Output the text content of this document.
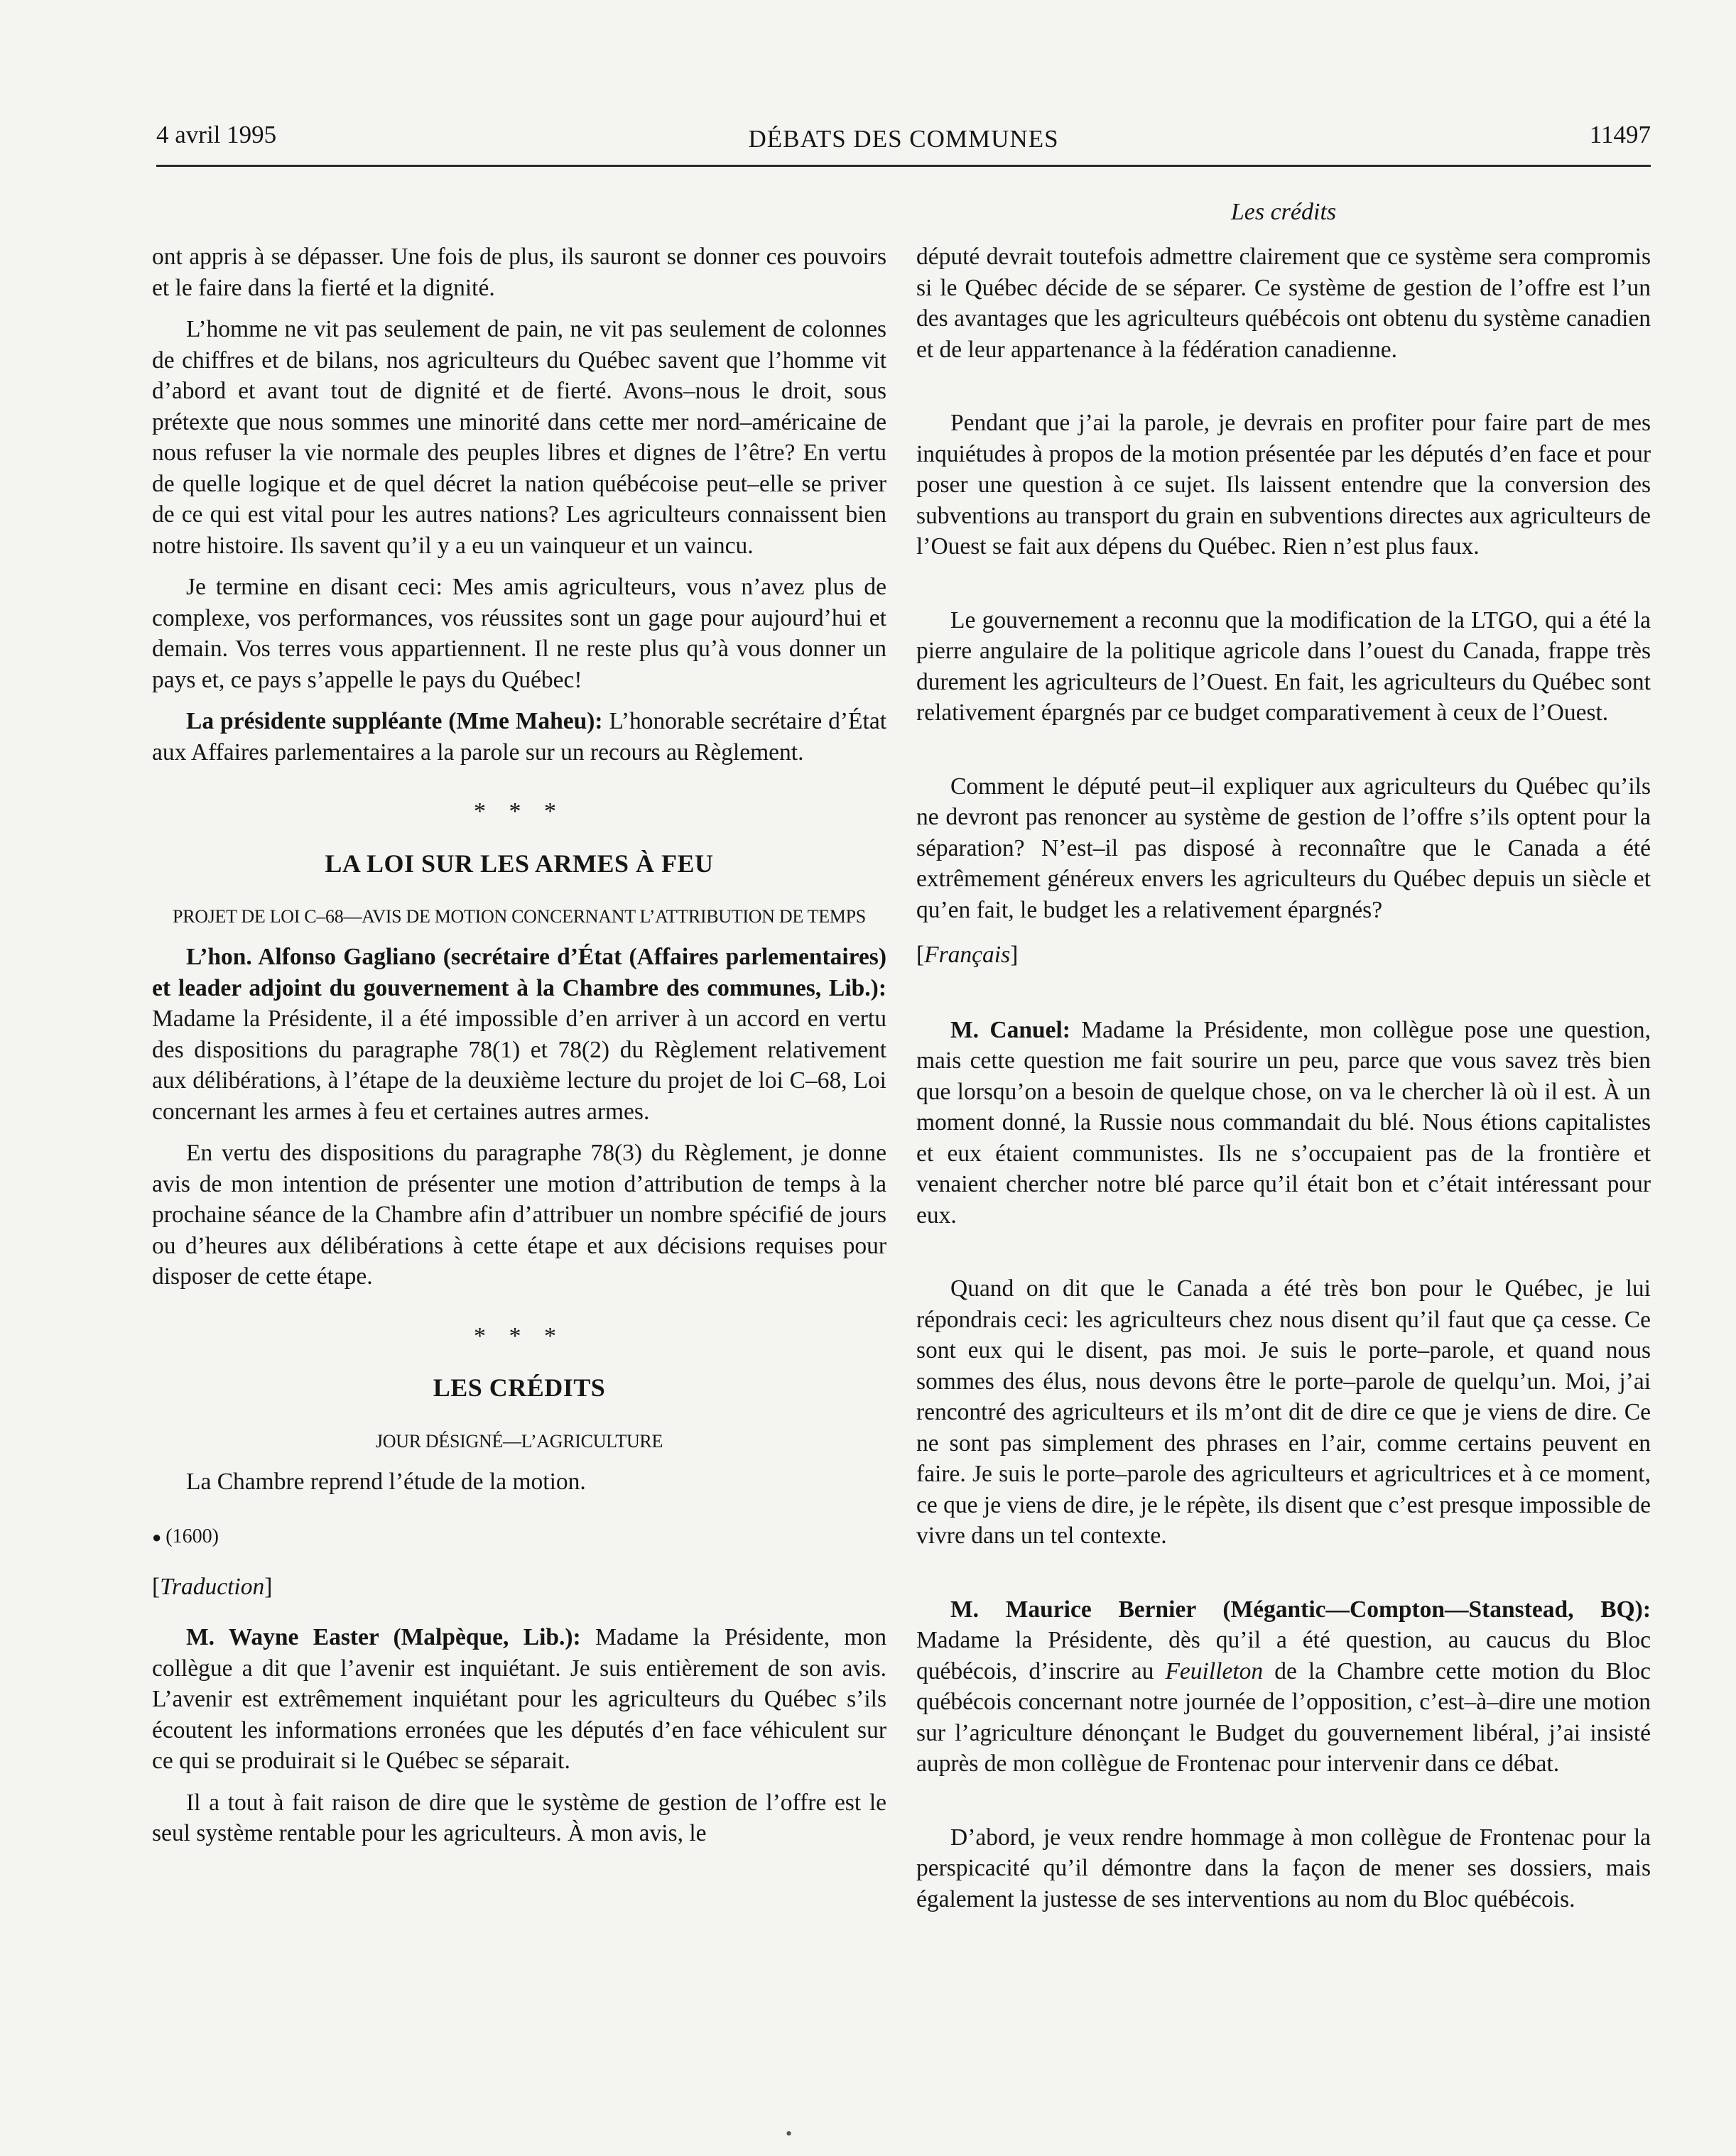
4 avril 1995	DÉBATS DES COMMUNES	11497
Les crédits

ont appris à se dépasser. Une fois de plus, ils sauront se donner ces pouvoirs et le faire dans la fierté et la dignité.

L’homme ne vit pas seulement de pain, ne vit pas seulement de colonnes de chiffres et de bilans, nos agriculteurs du Québec savent que l’homme vit d’abord et avant tout de dignité et de fierté. Avons–nous le droit, sous prétexte que nous sommes une minorité dans cette mer nord–américaine de nous refuser la vie normale des peuples libres et dignes de l’être? En vertu de quelle logique et de quel décret la nation québécoise peut–elle se priver de ce qui est vital pour les autres nations? Les agriculteurs connaissent bien notre histoire. Ils savent qu’il y a eu un vainqueur et un vaincu.

Je termine en disant ceci: Mes amis agriculteurs, vous n’avez plus de complexe, vos performances, vos réussites sont un gage pour aujourd’hui et demain. Vos terres vous appartiennent. Il ne reste plus qu’à vous donner un pays et, ce pays s’appelle le pays du Québec!

La présidente suppléante (Mme Maheu): L’honorable secrétaire d’État aux Affaires parlementaires a la parole sur un recours au Règlement.

* * *
LA LOI SUR LES ARMES À FEU
PROJET DE LOI C–68—AVIS DE MOTION CONCERNANT L’ATTRIBUTION DE TEMPS

L’hon. Alfonso Gagliano (secrétaire d’État (Affaires parlementaires) et leader adjoint du gouvernement à la Chambre des communes, Lib.): Madame la Présidente, il a été impossible d’en arriver à un accord en vertu des dispositions du paragraphe 78(1) et 78(2) du Règlement relativement aux délibérations, à l’étape de la deuxième lecture du projet de loi C–68, Loi concernant les armes à feu et certaines autres armes.

En vertu des dispositions du paragraphe 78(3) du Règlement, je donne avis de mon intention de présenter une motion d’attribution de temps à la prochaine séance de la Chambre afin d’attribuer un nombre spécifié de jours ou d’heures aux délibérations à cette étape et aux décisions requises pour disposer de cette étape.

* * *
LES CRÉDITS
JOUR DÉSIGNÉ—L’AGRICULTURE

La Chambre reprend l’étude de la motion.

● (1600)
[Traduction]

M. Wayne Easter (Malpèque, Lib.): Madame la Présidente, mon collègue a dit que l’avenir est inquiétant. Je suis entièrement de son avis. L’avenir est extrêmement inquiétant pour les agriculteurs du Québec s’ils écoutent les informations erronées que les députés d’en face véhiculent sur ce qui se produirait si le Québec se séparait.

Il a tout à fait raison de dire que le système de gestion de l’offre est le seul système rentable pour les agriculteurs. À mon avis, le

député devrait toutefois admettre clairement que ce système sera compromis si le Québec décide de se séparer. Ce système de gestion de l’offre est l’un des avantages que les agriculteurs québécois ont obtenu du système canadien et de leur appartenance à la fédération canadienne.

Pendant que j’ai la parole, je devrais en profiter pour faire part de mes inquiétudes à propos de la motion présentée par les députés d’en face et pour poser une question à ce sujet. Ils laissent entendre que la conversion des subventions au transport du grain en subventions directes aux agriculteurs de l’Ouest se fait aux dépens du Québec. Rien n’est plus faux.

Le gouvernement a reconnu que la modification de la LTGO, qui a été la pierre angulaire de la politique agricole dans l’ouest du Canada, frappe très durement les agriculteurs de l’Ouest. En fait, les agriculteurs du Québec sont relativement épargnés par ce budget comparativement à ceux de l’Ouest.

Comment le député peut–il expliquer aux agriculteurs du Québec qu’ils ne devront pas renoncer au système de gestion de l’offre s’ils optent pour la séparation? N’est–il pas disposé à reconnaître que le Canada a été extrêmement généreux envers les agriculteurs du Québec depuis un siècle et qu’en fait, le budget les a relativement épargnés?

[Français]

M. Canuel: Madame la Présidente, mon collègue pose une question, mais cette question me fait sourire un peu, parce que vous savez très bien que lorsqu’on a besoin de quelque chose, on va le chercher là où il est. À un moment donné, la Russie nous commandait du blé. Nous étions capitalistes et eux étaient communistes. Ils ne s’occupaient pas de la frontière et venaient chercher notre blé parce qu’il était bon et c’était intéressant pour eux.

Quand on dit que le Canada a été très bon pour le Québec, je lui répondrais ceci: les agriculteurs chez nous disent qu’il faut que ça cesse. Ce sont eux qui le disent, pas moi. Je suis le porte–parole, et quand nous sommes des élus, nous devons être le porte–parole de quelqu’un. Moi, j’ai rencontré des agriculteurs et ils m’ont dit de dire ce que je viens de dire. Ce ne sont pas simplement des phrases en l’air, comme certains peuvent en faire. Je suis le porte–parole des agriculteurs et agricultrices et à ce moment, ce que je viens de dire, je le répète, ils disent que c’est presque impossible de vivre dans un tel contexte.

M. Maurice Bernier (Mégantic—Compton—Stanstead, BQ): Madame la Présidente, dès qu’il a été question, au caucus du Bloc québécois, d’inscrire au Feuilleton de la Chambre cette motion du Bloc québécois concernant notre journée de l’opposition, c’est–à–dire une motion sur l’agriculture dénonçant le Budget du gouvernement libéral, j’ai insisté auprès de mon collègue de Frontenac pour intervenir dans ce débat.

D’abord, je veux rendre hommage à mon collègue de Frontenac pour la perspicacité qu’il démontre dans la façon de mener ses dossiers, mais également la justesse de ses interventions au nom du Bloc québécois.

•
